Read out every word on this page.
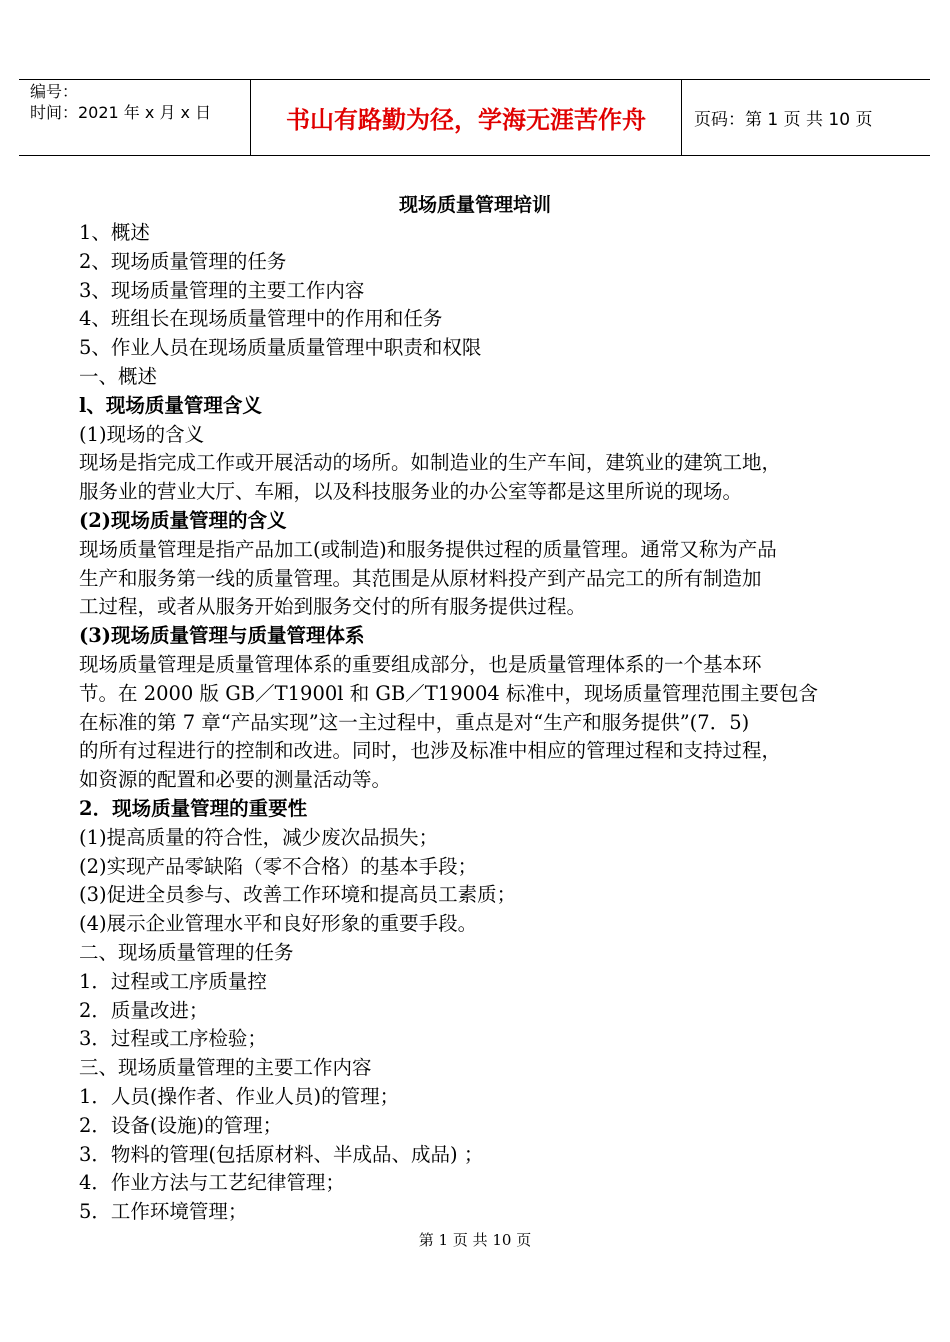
编号：
时间：2021 年 x 月 x 日	书山有路勤为径，学海无涯苦作舟	页码：第 1 页 共 10 页
现场质量管理培训
1、概述
2、现场质量管理的任务
3、现场质量管理的主要工作内容
4、班组长在现场质量管理中的作用和任务
5、作业人员在现场质量质量管理中职责和权限
一、概述
l、现场质量管理含义
(1)现场的含义
现场是指完成工作或开展活动的场所。如制造业的生产车间，建筑业的建筑工地，
服务业的营业大厅、车厢，以及科技服务业的办公室等都是这里所说的现场。
(2)现场质量管理的含义
现场质量管理是指产品加工(或制造)和服务提供过程的质量管理。通常又称为产品
生产和服务第一线的质量管理。其范围是从原材料投产到产品完工的所有制造加
工过程，或者从服务开始到服务交付的所有服务提供过程。
(3)现场质量管理与质量管理体系
现场质量管理是质量管理体系的重要组成部分，也是质量管理体系的一个基本环
节。在 2000 版 GB／T1900l 和 GB／T19004 标准中，现场质量管理范围主要包含
在标准的第 7 章“产品实现”这一主过程中，重点是对“生产和服务提供”(7．5)
的所有过程进行的控制和改进。同时，也涉及标准中相应的管理过程和支持过程，
如资源的配置和必要的测量活动等。
2．现场质量管理的重要性
(1)提高质量的符合性，减少废次品损失；
(2)实现产品零缺陷（零不合格）的基本手段；
(3)促进全员参与、改善工作环境和提高员工素质；
(4)展示企业管理水平和良好形象的重要手段。
二、现场质量管理的任务
1．过程或工序质量控
2．质量改进；
3．过程或工序检验；
三、现场质量管理的主要工作内容
1．人员(操作者、作业人员)的管理；
2．设备(设施)的管理；
3．物料的管理(包括原材料、半成品、成品) ；
4．作业方法与工艺纪律管理；
5．工作环境管理；
第 1 页 共 10 页
